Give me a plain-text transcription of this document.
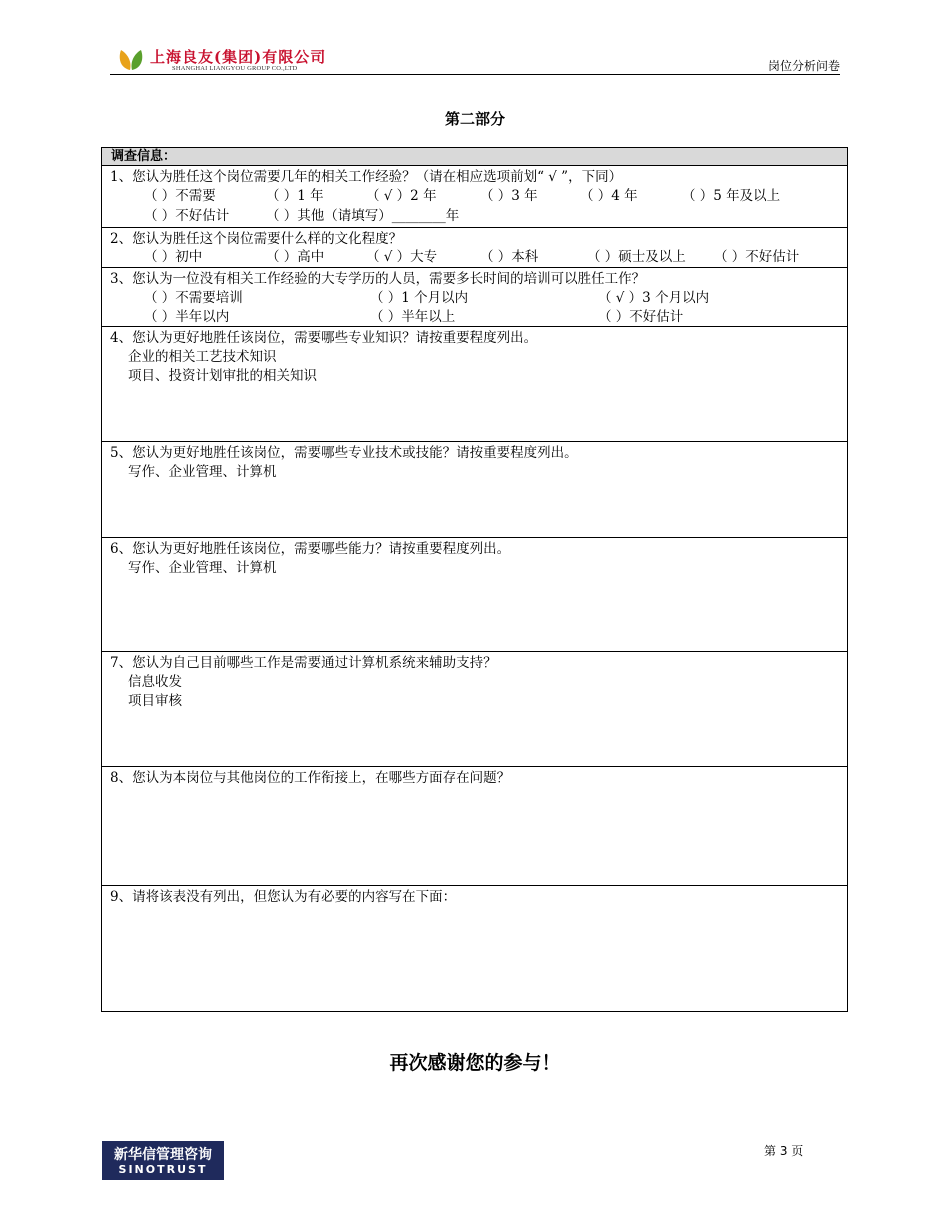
上海良友(集团)有限公司
SHANGHAI LIANGYOU GROUP CO.,LTD	岗位分析问卷
第二部分
调查信息：
1、您认为胜任这个岗位需要几年的相关工作经验？（请在相应选项前划“ √ ”，下同）
（ ）不需要	（ ）1 年	（ √ ）2 年	（ ）3 年	（ ）4 年	（ ）5 年及以上
（ ）不好估计	（ ）其他（请填写）________年
2、您认为胜任这个岗位需要什么样的文化程度？
（ ）初中	（ ）高中	（ √ ）大专	（ ）本科	（ ）硕士及以上 （ ）不好估计
3、您认为一位没有相关工作经验的大专学历的人员，需要多长时间的培训可以胜任工作？
（ ）不需要培训	（ ）1 个月以内	（ √ ）3 个月以内
（ ）半年以内	（ ）半年以上	（ ）不好估计
4、您认为更好地胜任该岗位，需要哪些专业知识？请按重要程度列出。
企业的相关工艺技术知识
项目、投资计划审批的相关知识
5、您认为更好地胜任该岗位，需要哪些专业技术或技能？请按重要程度列出。
写作、企业管理、计算机
6、您认为更好地胜任该岗位，需要哪些能力？请按重要程度列出。
写作、企业管理、计算机
7、您认为自己目前哪些工作是需要通过计算机系统来辅助支持？
信息收发
项目审核
8、您认为本岗位与其他岗位的工作衔接上，在哪些方面存在问题？
9、请将该表没有列出，但您认为有必要的内容写在下面：
再次感谢您的参与！
新华信管理咨询
SINOTRUST
第 3 页
